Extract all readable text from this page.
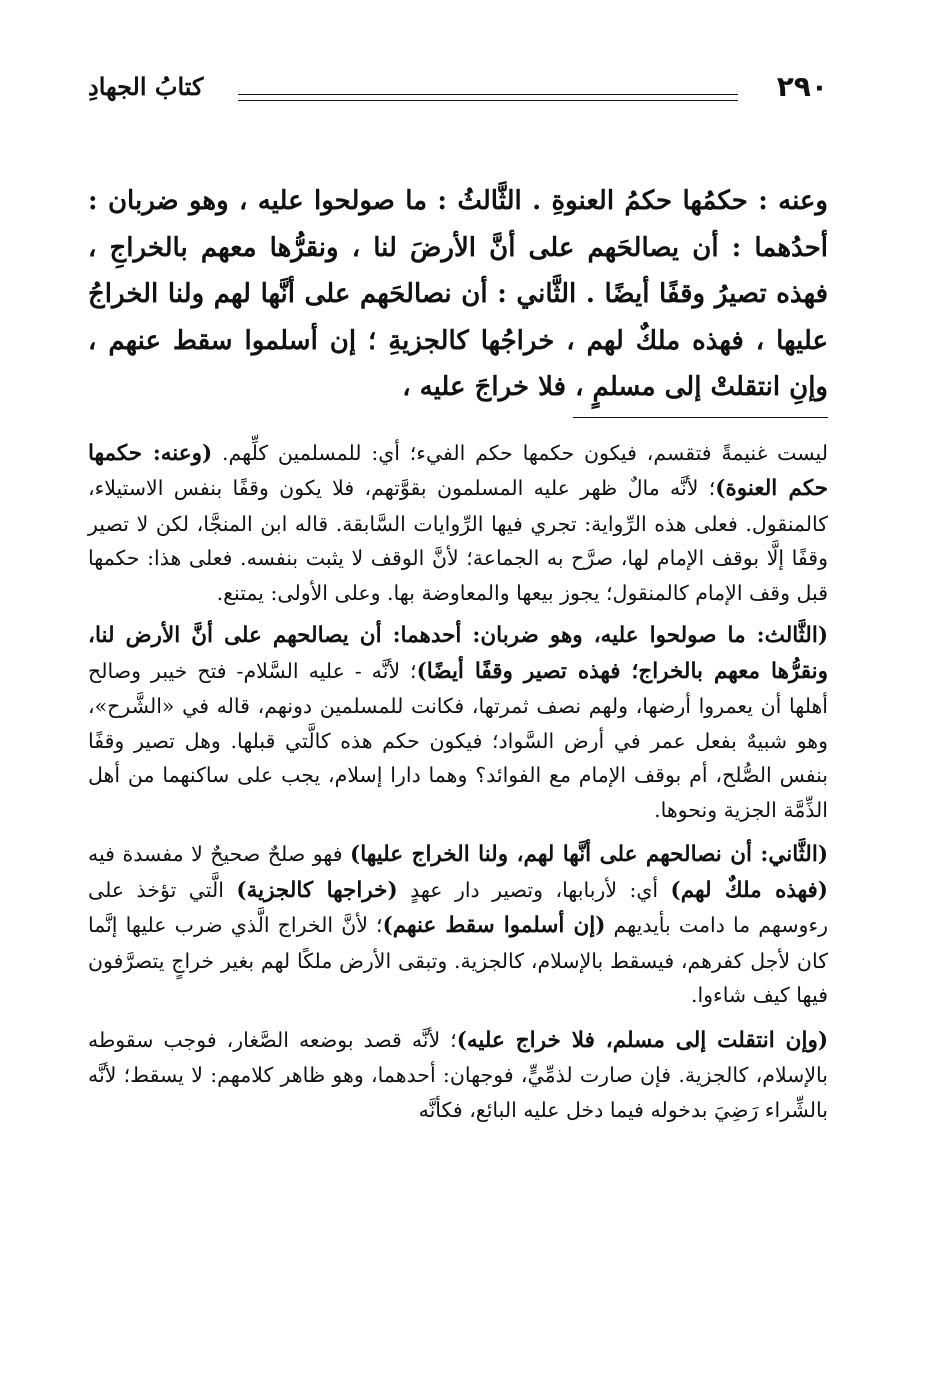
٢٩٠
كتابُ الجهادِ

وعنه : حكمُها حكمُ العنوةِ . الثَّالثُ : ما صولحوا عليه ، وهو ضربان : أحدُهما : أن يصالحَهم على أنَّ الأرضَ لنا ، ونقرُّها معهم بالخراجِ ، فهذه تصيرُ وقفًا أيضًا . الثَّاني : أن نصالحَهم على أنَّها لهم ولنا الخراجُ عليها ، فهذه ملكٌ لهم ، خراجُها كالجزيةِ ؛ إن أسلموا سقط عنهم ، وإنِ انتقلتْ إلى مسلمٍ ، فلا خراجَ عليه ،

ليست غنيمةً فتقسم، فيكون حكمها حكم الفيء؛ أي: للمسلمين كلِّهم. (وعنه: حكمها حكم العنوة)؛ لأنَّه مالٌ ظهر عليه المسلمون بقوَّتهم، فلا يكون وقفًا بنفس الاستيلاء، كالمنقول. فعلى هذه الرِّواية: تجري فيها الرِّوايات السَّابقة. قاله ابن المنجَّا، لكن لا تصير وقفًا إلَّا بوقف الإمام لها، صرَّح به الجماعة؛ لأنَّ الوقف لا يثبت بنفسه. فعلى هذا: حكمها قبل وقف الإمام كالمنقول؛ يجوز بيعها والمعاوضة بها. وعلى الأولى: يمتنع.

(الثَّالث: ما صولحوا عليه، وهو ضربان: أحدهما: أن يصالحهم على أنَّ الأرض لنا، ونقرُّها معهم بالخراج؛ فهذه تصير وقفًا أيضًا)؛ لأنَّه - عليه السَّلام- فتح خيبر وصالح أهلها أن يعمروا أرضها، ولهم نصف ثمرتها، فكانت للمسلمين دونهم، قاله في «الشَّرح»، وهو شبيهٌ بفعل عمر في أرض السَّواد؛ فيكون حكم هذه كالَّتي قبلها. وهل تصير وقفًا بنفس الصُّلح، أم بوقف الإمام مع الفوائد؟ وهما دارا إسلام، يجب على ساكنهما من أهل الذِّمَّة الجزية ونحوها.

(الثَّاني: أن نصالحهم على أنَّها لهم، ولنا الخراج عليها) فهو صلحٌ صحيحٌ لا مفسدة فيه (فهذه ملكٌ لهم) أي: لأربابها، وتصير دار عهدٍ (خراجها كالجزية) الَّتي تؤخذ على رءوسهم ما دامت بأيديهم (إن أسلموا سقط عنهم)؛ لأنَّ الخراج الَّذي ضرب عليها إنَّما كان لأجل كفرهم، فيسقط بالإسلام، كالجزية. وتبقى الأرض ملكًا لهم بغير خراجٍ يتصرَّفون فيها كيف شاءوا.

(وإن انتقلت إلى مسلم، فلا خراج عليه)؛ لأنَّه قصد بوضعه الصَّغار، فوجب سقوطه بالإسلام، كالجزية. فإن صارت لذمِّيٍّ، فوجهان: أحدهما، وهو ظاهر كلامهم: لا يسقط؛ لأنَّه بالشِّراء رَضِيَ بدخوله فيما دخل عليه البائع، فكأنَّه
